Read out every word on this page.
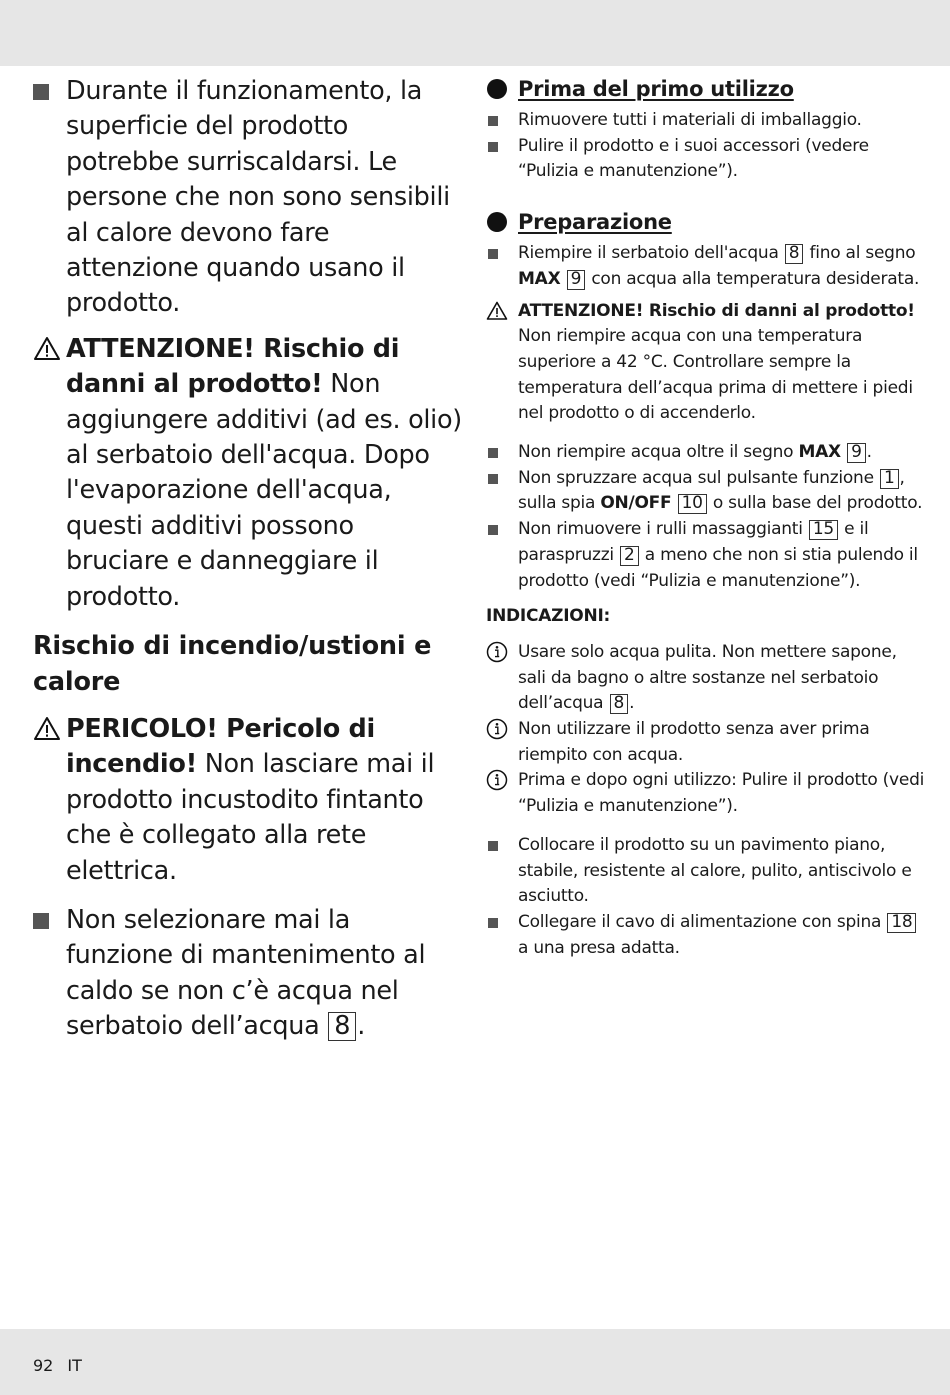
Durante il funzionamento, la superficie del prodotto potrebbe surriscaldarsi. Le persone che non sono sensibili al calore devono fare attenzione quando usano il prodotto.
ATTENZIONE! Rischio di danni al prodotto! Non aggiungere additivi (ad es. olio) al serbatoio dell'acqua. Dopo l'evaporazione dell'acqua, questi additivi possono bruciare e danneggiare il prodotto.
Rischio di incendio/ustioni e calore
PERICOLO! Pericolo di incendio! Non lasciare mai il prodotto incustodito fintanto che è collegato alla rete elettrica.
Non selezionare mai la funzione di mantenimento al caldo se non c’è acqua nel serbatoio dell’acqua 8 .
Prima del primo utilizzo
Rimuovere tutti i materiali di imballaggio.
Pulire il prodotto e i suoi accessori (vedere “Pulizia e manutenzione”).
Preparazione
Riempire il serbatoio dell'acqua 8 fino al segno MAX 9 con acqua alla temperatura desiderata.
ATTENZIONE! Rischio di danni al prodotto!
Non riempire acqua con una temperatura superiore a 42 °C. Controllare sempre la temperatura dell’acqua prima di mettere i piedi nel prodotto o di accenderlo.
Non riempire acqua oltre il segno MAX 9 .
Non spruzzare acqua sul pulsante funzione 1 , sulla spia ON/OFF 10 o sulla base del prodotto.
Non rimuovere i rulli massaggianti 15 e il paraspruzzi 2 a meno che non si stia pulendo il prodotto (vedi “Pulizia e manutenzione”).
INDICAZIONI:
Usare solo acqua pulita. Non mettere sapone, sali da bagno o altre sostanze nel serbatoio dell’acqua 8 .
Non utilizzare il prodotto senza aver prima riempito con acqua.
Prima e dopo ogni utilizzo: Pulire il prodotto (vedi “Pulizia e manutenzione”).
Collocare il prodotto su un pavimento piano, stabile, resistente al calore, pulito, antiscivolo e asciutto.
Collegare il cavo di alimentazione con spina 18 a una presa adatta.
92 IT
